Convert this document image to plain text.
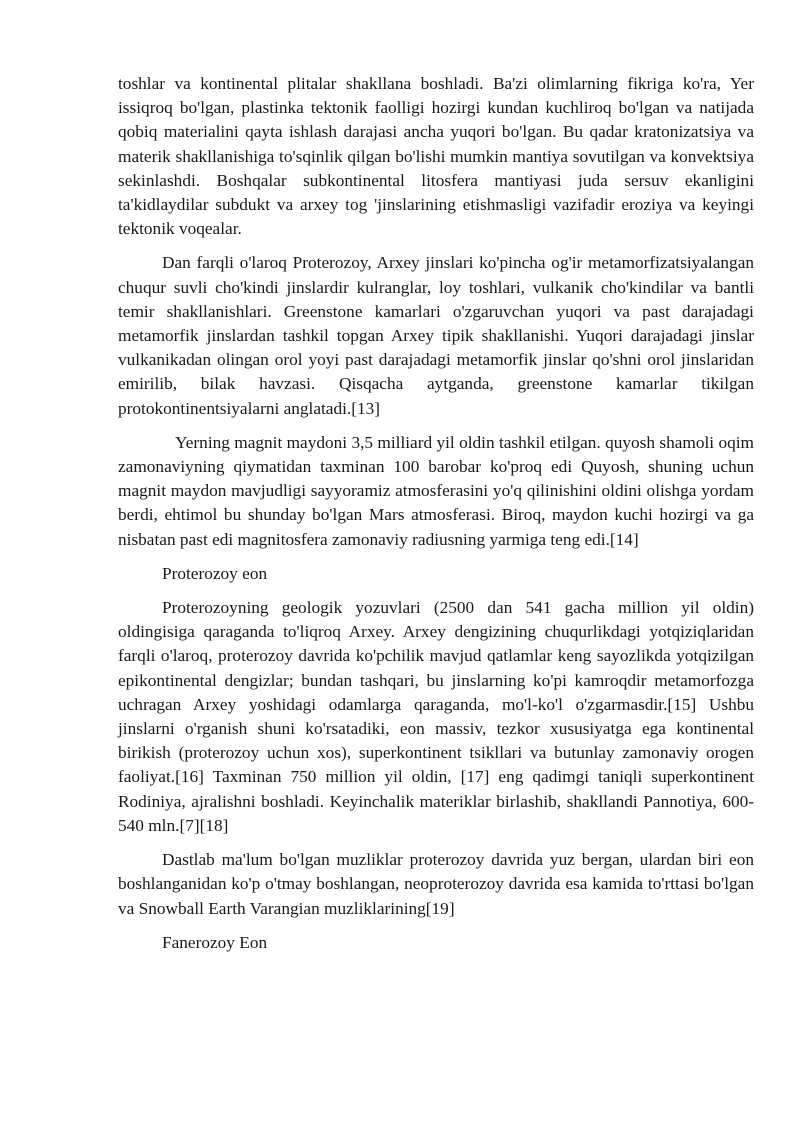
toshlar va kontinental plitalar shakllana boshladi. Ba'zi olimlarning fikriga ko'ra, Yer issiqroq bo'lgan, plastinka tektonik faolligi hozirgi kundan kuchliroq bo'lgan va natijada qobiq materialini qayta ishlash darajasi ancha yuqori bo'lgan. Bu qadar kratonizatsiya va materik shakllanishiga to'sqinlik qilgan bo'lishi mumkin mantiya sovutilgan va konvektsiya sekinlashdi. Boshqalar subkontinental litosfera mantiyasi juda sersuv ekanligini ta'kidlaydilar subdukt va arxey tog 'jinslarining etishmasligi vazifadir eroziya va keyingi tektonik voqealar.

Dan farqli o'laroq Proterozoy, Arxey jinslari ko'pincha og'ir metamorfizatsiyalangan chuqur suvli cho'kindi jinslardir kulranglar, loy toshlari, vulkanik cho'kindilar va bantli temir shakllanishlari. Greenstone kamarlari o'zgaruvchan yuqori va past darajadagi metamorfik jinslardan tashkil topgan Arxey tipik shakllanishi. Yuqori darajadagi jinslar vulkanikadan olingan orol yoyi past darajadagi metamorfik jinslar qo'shni orol jinslaridan emirilib, bilak havzasi. Qisqacha aytganda, greenstone kamarlar tikilgan protokontinentsiyalarni anglatadi.[13]

Yerning magnit maydoni 3,5 milliard yil oldin tashkil etilgan. quyosh shamoli oqim zamonaviyning qiymatidan taxminan 100 barobar ko'proq edi Quyosh, shuning uchun magnit maydon mavjudligi sayyoramiz atmosferasini yo'q qilinishini oldini olishga yordam berdi, ehtimol bu shunday bo'lgan Mars atmosferasi. Biroq, maydon kuchi hozirgi va ga nisbatan past edi magnitosfera zamonaviy radiusning yarmiga teng edi.[14]

Proterozoy eon

Proterozoyning geologik yozuvlari (2500 dan 541 gacha million yil oldin) oldingisiga qaraganda to'liqroq Arxey. Arxey dengizining chuqurlikdagi yotqiziqlaridan farqli o'laroq, proterozoy davrida ko'pchilik mavjud qatlamlar keng sayozlikda yotqizilgan epikontinental dengizlar; bundan tashqari, bu jinslarning ko'pi kamroqdir metamorfozga uchragan Arxey yoshidagi odamlarga qaraganda, mo'l-ko'l o'zgarmasdir.[15] Ushbu jinslarni o'rganish shuni ko'rsatadiki, eon massiv, tezkor xususiyatga ega kontinental birikish (proterozoy uchun xos), superkontinent tsikllari va butunlay zamonaviy orogen faoliyat.[16] Taxminan 750 million yil oldin, [17] eng qadimgi taniqli superkontinent Rodiniya, ajralishni boshladi. Keyinchalik materiklar birlashib, shakllandi Pannotiya, 600-540 mln.[7][18]

Dastlab ma'lum bo'lgan muzliklar proterozoy davrida yuz bergan, ulardan biri eon boshlanganidan ko'p o'tmay boshlangan, neoproterozoy davrida esa kamida to'rttasi bo'lgan va Snowball Earth Varangian muzliklarining[19]

Fanerozoy Eon
